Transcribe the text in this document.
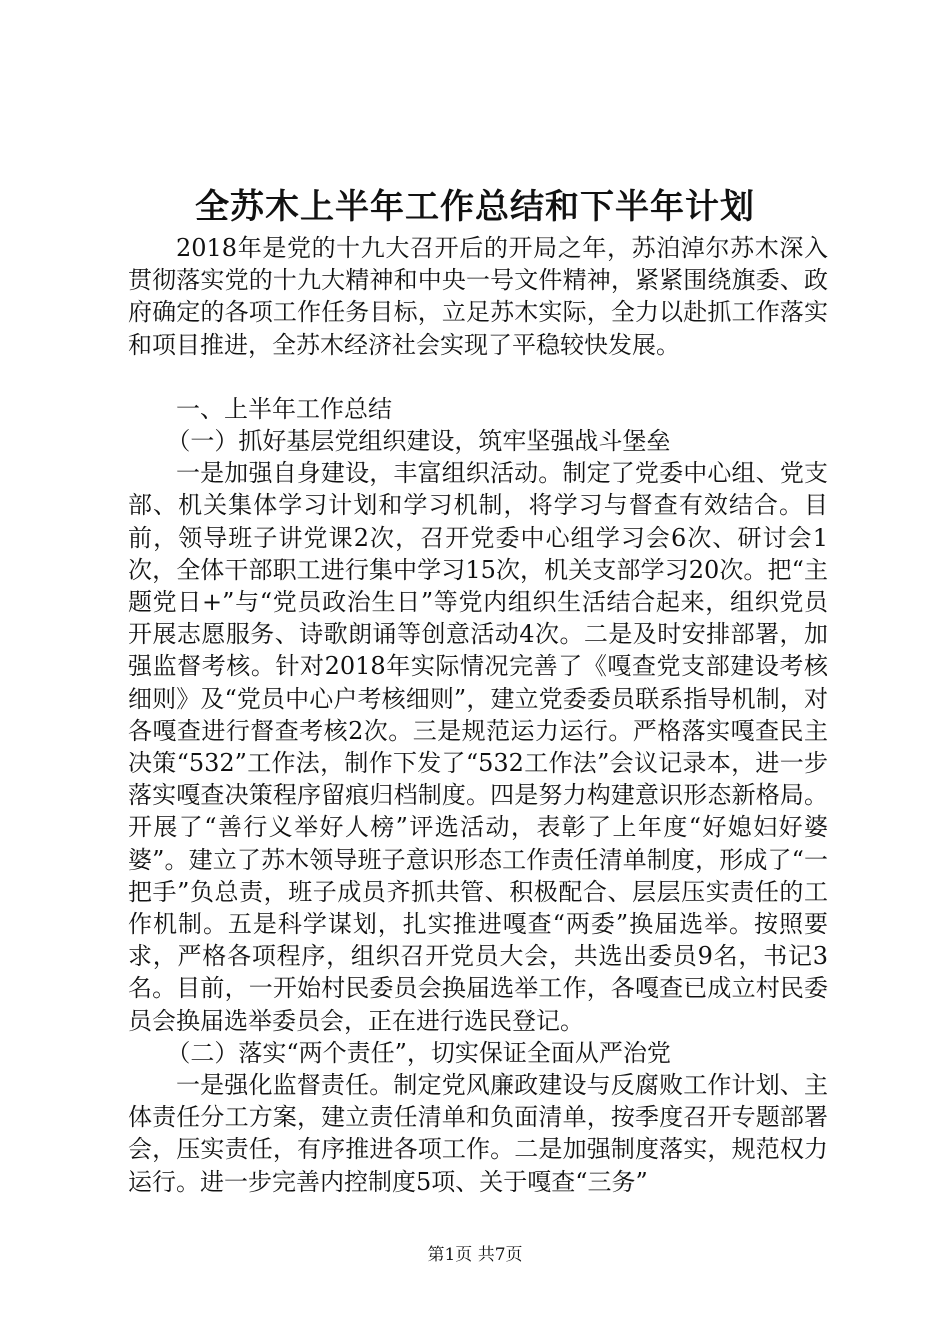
全苏木上半年工作总结和下半年计划

2018年是党的十九大召开后的开局之年，苏泊淖尔苏木深入贯彻落实党的十九大精神和中央一号文件精神，紧紧围绕旗委、政府确定的各项工作任务目标，立足苏木实际，全力以赴抓工作落实和项目推进，全苏木经济社会实现了平稳较快发展。

一、上半年工作总结

（一）抓好基层党组织建设，筑牢坚强战斗堡垒

一是加强自身建设，丰富组织活动。制定了党委中心组、党支部、机关集体学习计划和学习机制，将学习与督查有效结合。目前，领导班子讲党课2次，召开党委中心组学习会6次、研讨会1次，全体干部职工进行集中学习15次，机关支部学习20次。把“主题党日+”与“党员政治生日”等党内组织生活结合起来，组织党员开展志愿服务、诗歌朗诵等创意活动4次。二是及时安排部署，加强监督考核。针对2018年实际情况完善了《嘎查党支部建设考核细则》及“党员中心户考核细则”，建立党委委员联系指导机制，对各嘎查进行督查考核2次。三是规范运力运行。严格落实嘎查民主决策“532”工作法，制作下发了“532工作法”会议记录本，进一步落实嘎查决策程序留痕归档制度。四是努力构建意识形态新格局。开展了“善行义举好人榜”评选活动，表彰了上年度“好媳妇好婆婆”。建立了苏木领导班子意识形态工作责任清单制度，形成了“一把手”负总责，班子成员齐抓共管、积极配合、层层压实责任的工作机制。五是科学谋划，扎实推进嘎查“两委”换届选举。按照要求，严格各项程序，组织召开党员大会，共选出委员9名，书记3名。目前，一开始村民委员会换届选举工作，各嘎查已成立村民委员会换届选举委员会，正在进行选民登记。

（二）落实“两个责任”，切实保证全面从严治党

一是强化监督责任。制定党风廉政建设与反腐败工作计划、主体责任分工方案，建立责任清单和负面清单，按季度召开专题部署会，压实责任，有序推进各项工作。二是加强制度落实，规范权力运行。进一步完善内控制度5项、关于嘎查“三务”

第1页 共7页
